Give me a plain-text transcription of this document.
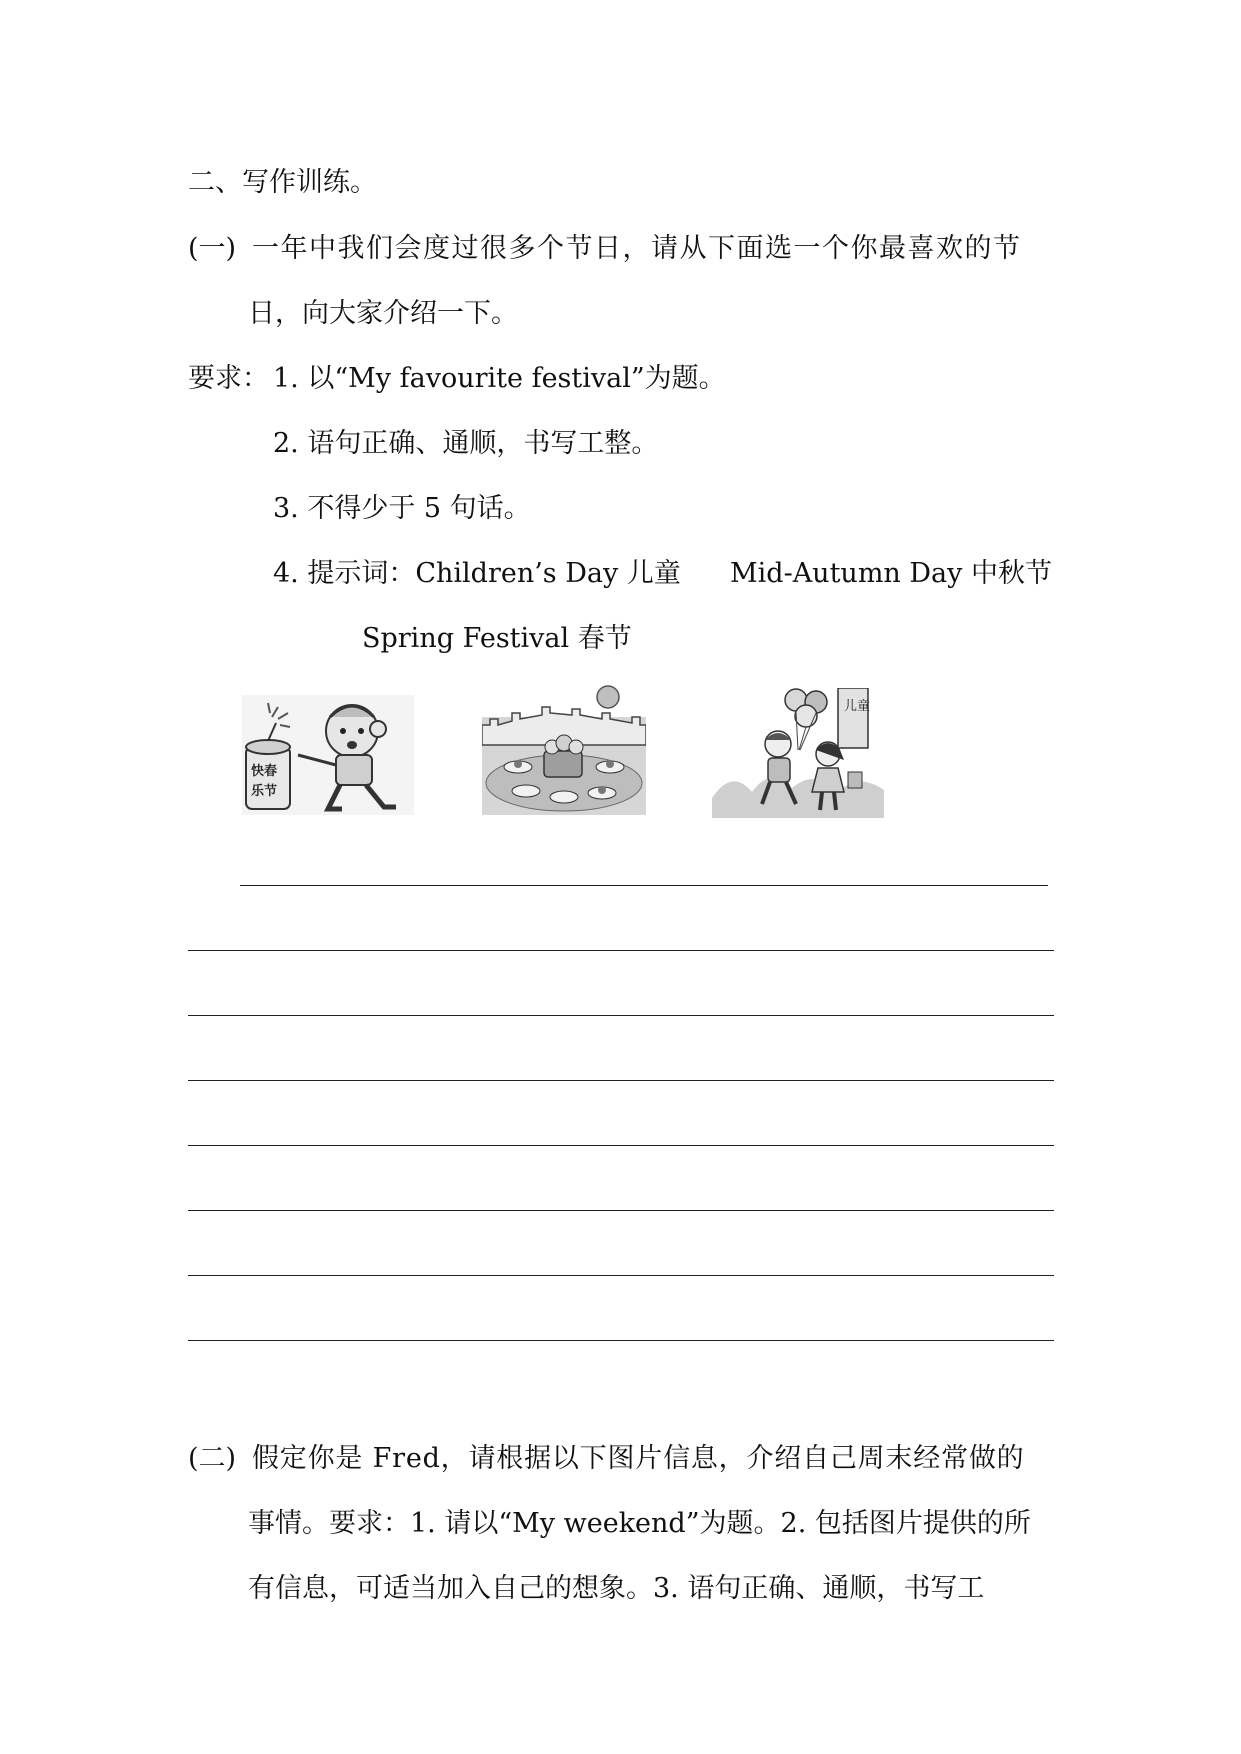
二、写作训练。
(一) 一年中我们会度过很多个节日，请从下面选一个你最喜欢的节
日，向大家介绍一下。
要求： 1. 以“My favourite festival”为题。
2. 语句正确、通顺，书写工整。
3. 不得少于 5 句话。
4. 提示词：Children’s Day 儿童 Mid-Autumn Day 中秋节
Spring Festival 春节
快春
乐节
儿童
(二) 假定你是 Fred，请根据以下图片信息，介绍自己周末经常做的
事情。要求：1. 请以“My weekend”为题。2. 包括图片提供的所
有信息，可适当加入自己的想象。3. 语句正确、通顺，书写工
